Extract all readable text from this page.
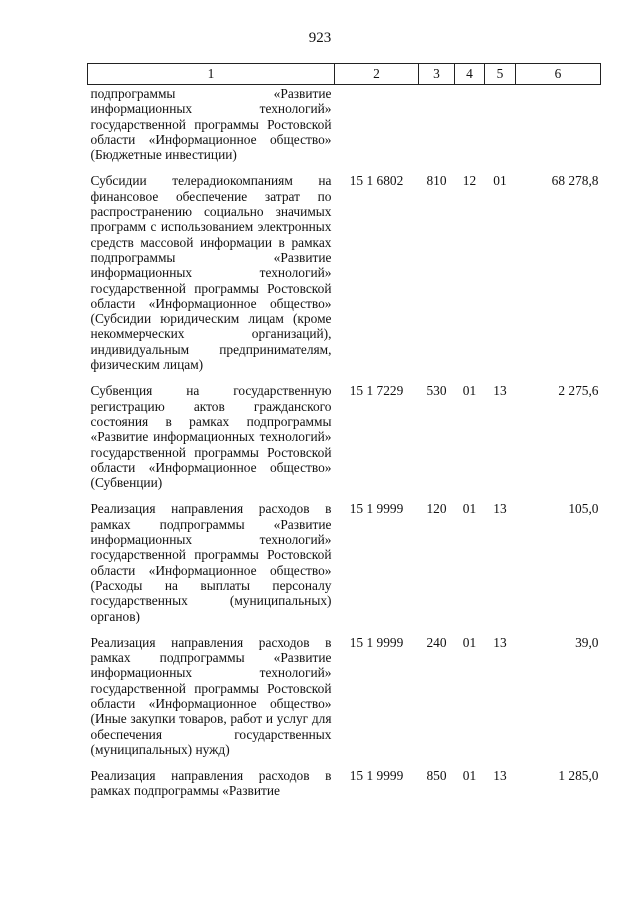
923
1	2	3	4	5	6
подпрограммы «Развитие информационных технологий» государственной программы Ростовской области «Информационное общество» (Бюджетные инвестиции)					
Субсидии телерадиокомпаниям на финансовое обеспечение затрат по распространению социально значимых программ с использованием электронных средств массовой информации в рамках подпрограммы «Развитие информационных технологий» государственной программы Ростовской области «Информационное общество» (Субсидии юридическим лицам (кроме некоммерческих организаций), индивидуальным предпринимателям, физическим лицам)	15 1 6802	810	12	01	68 278,8
Субвенция на государственную регистрацию актов гражданского состояния в рамках подпрограммы «Развитие информационных технологий» государственной программы Ростовской области «Информационное общество» (Субвенции)	15 1 7229	530	01	13	2 275,6
Реализация направления расходов в рамках подпрограммы «Развитие информационных технологий» государственной программы Ростовской области «Информационное общество» (Расходы на выплаты персоналу государственных (муниципальных) органов)	15 1 9999	120	01	13	105,0
Реализация направления расходов в рамках подпрограммы «Развитие информационных технологий» государственной программы Ростовской области «Информационное общество» (Иные закупки товаров, работ и услуг для обеспечения государственных (муниципальных) нужд)	15 1 9999	240	01	13	39,0
Реализация направления расходов в рамках подпрограммы «Развитие	15 1 9999	850	01	13	1 285,0
